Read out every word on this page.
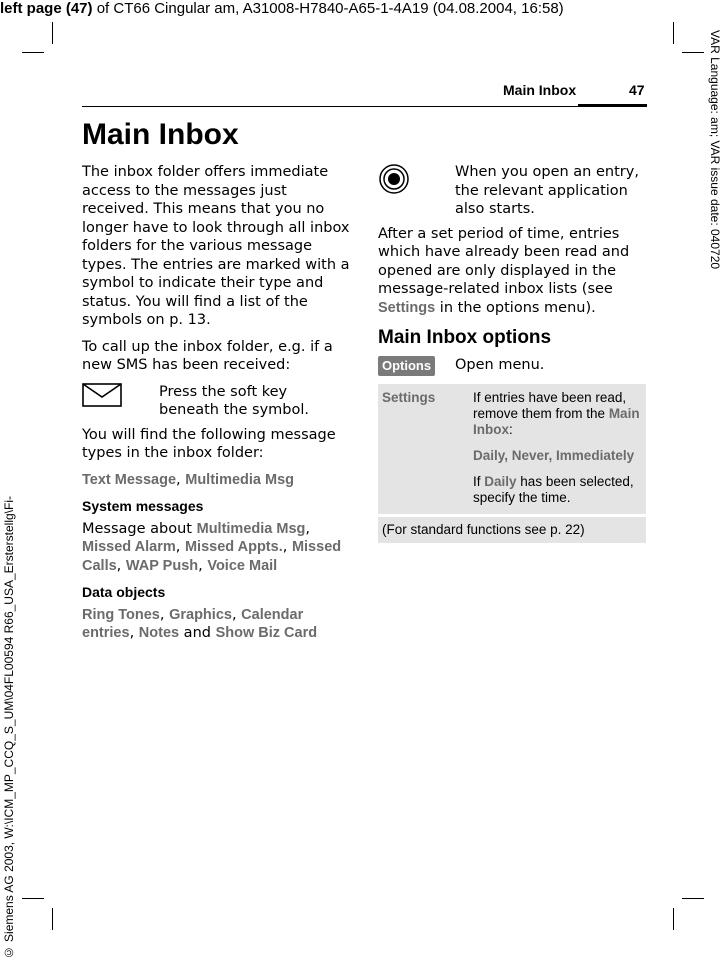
left page (47) of CT66 Cingular am, A31008-H7840-A65-1-4A19 (04.08.2004, 16:58)
VAR Language: am; VAR issue date: 040720
© Siemens AG 2003, W:\ICM_MP_CCQ_S_UM\04FL00594 R66_USA_Ersterstellg\Fi-
Main Inbox	47
Main Inbox

The inbox folder offers immediate access to the messages just received. This means that you no longer have to look through all inbox folders for the various message types. The entries are marked with a symbol to indicate their type and status. You will find a list of the symbols on p. 13.

To call up the inbox folder, e.g. if a new SMS has been received:

Press the soft key beneath the symbol.

You will find the following message types in the inbox folder:

Text Message, Multimedia Msg

System messages

Message about Multimedia Msg, Missed Alarm, Missed Appts., Missed Calls, WAP Push, Voice Mail

Data objects

Ring Tones, Graphics, Calendar entries, Notes and Show Biz Card

When you open an entry, the relevant application also starts.

After a set period of time, entries which have already been read and opened are only displayed in the message-related inbox lists (see Settings in the options menu).

Main Inbox options
Options Open menu.
Settings	If entries have been read, remove them from the Main Inbox:

Daily, Never, Immediately

If Daily has been selected, specify the time.

(For standard functions see p. 22)
